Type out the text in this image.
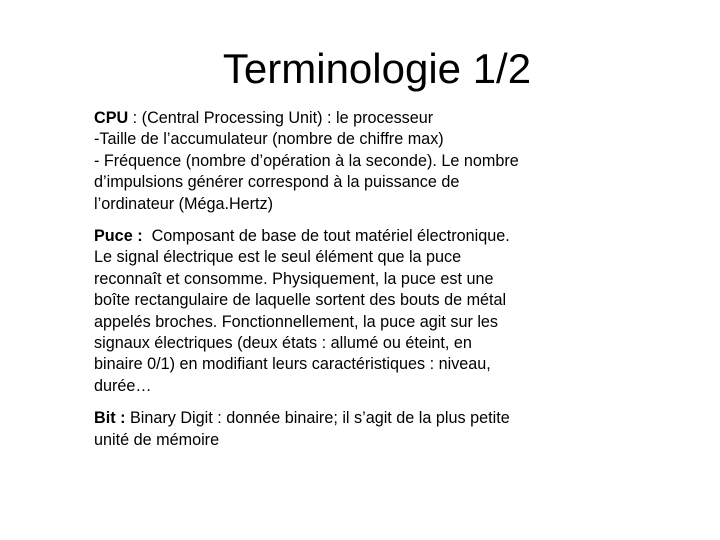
Terminologie 1/2

CPU : (Central Processing Unit) : le processeur
-Taille de l’accumulateur (nombre de chiffre max)
- Fréquence (nombre d’opération à la seconde). Le nombre
d’impulsions générer correspond à la puissance de
l’ordinateur (Méga.Hertz)

Puce :  Composant de base de tout matériel électronique.
Le signal électrique est le seul élément que la puce
reconnaît et consomme. Physiquement, la puce est une
boîte rectangulaire de laquelle sortent des bouts de métal
appelés broches. Fonctionnellement, la puce agit sur les
signaux électriques (deux états : allumé ou éteint, en
binaire 0/1) en modifiant leurs caractéristiques : niveau,
durée…

Bit : Binary Digit : donnée binaire; il s’agit de la plus petite
unité de mémoire
